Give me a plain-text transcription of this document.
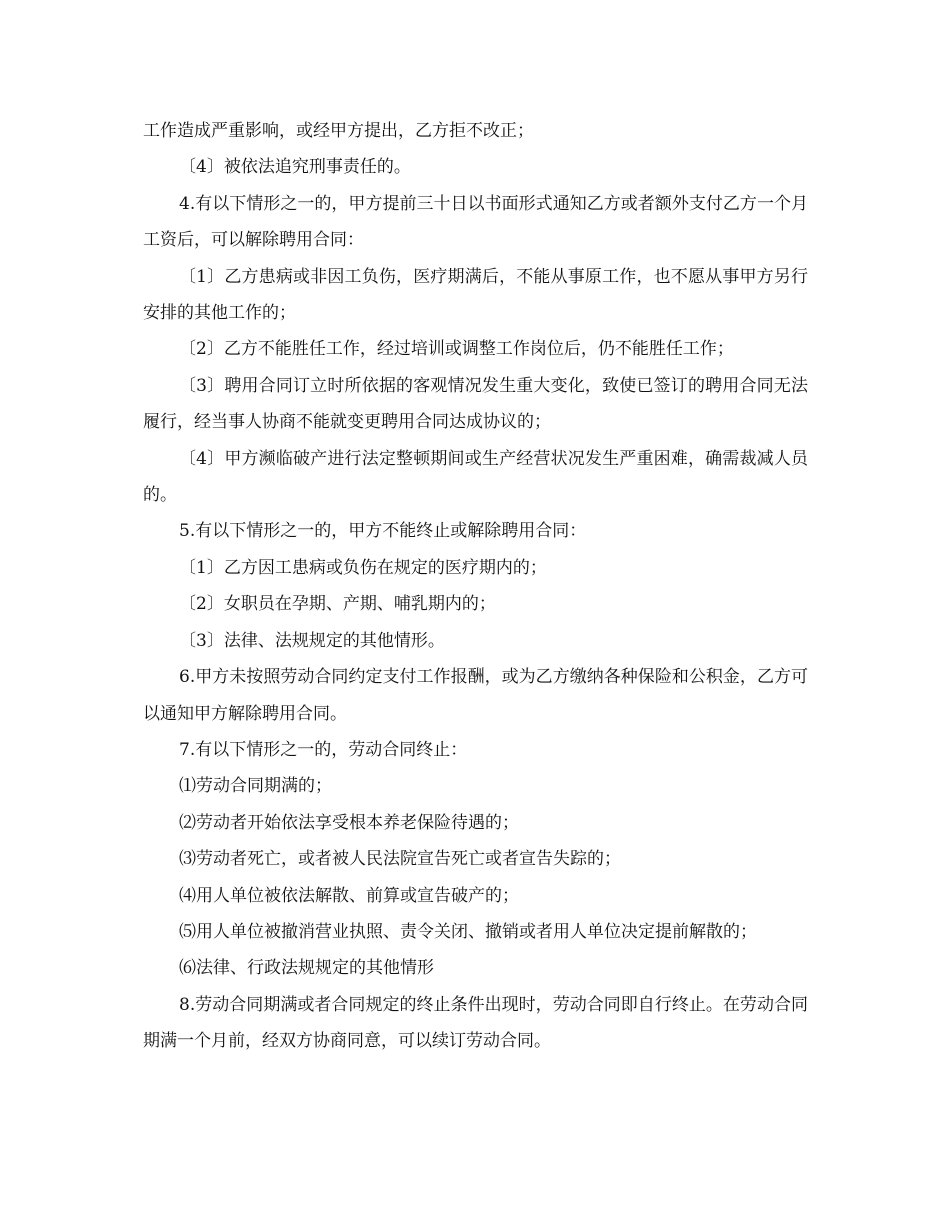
工作造成严重影响，或经甲方提出，乙方拒不改正；

〔4〕被依法追究刑事责任的。

4.有以下情形之一的，甲方提前三十日以书面形式通知乙方或者额外支付乙方一个月工资后，可以解除聘用合同：

〔1〕乙方患病或非因工负伤，医疗期满后，不能从事原工作，也不愿从事甲方另行安排的其他工作的；

〔2〕乙方不能胜任工作，经过培训或调整工作岗位后，仍不能胜任工作；

〔3〕聘用合同订立时所依据的客观情况发生重大变化，致使已签订的聘用合同无法履行，经当事人协商不能就变更聘用合同达成协议的；

〔4〕甲方濒临破产进行法定整顿期间或生产经营状况发生严重困难，确需裁减人员的。

5.有以下情形之一的，甲方不能终止或解除聘用合同：

〔1〕乙方因工患病或负伤在规定的医疗期内的；

〔2〕女职员在孕期、产期、哺乳期内的；

〔3〕法律、法规规定的其他情形。

6.甲方未按照劳动合同约定支付工作报酬，或为乙方缴纳各种保险和公积金，乙方可以通知甲方解除聘用合同。

7.有以下情形之一的，劳动合同终止：

⑴劳动合同期满的；

⑵劳动者开始依法享受根本养老保险待遇的；

⑶劳动者死亡，或者被人民法院宣告死亡或者宣告失踪的；

⑷用人单位被依法解散、前算或宣告破产的；

⑸用人单位被撤消营业执照、责令关闭、撤销或者用人单位决定提前解散的；

⑹法律、行政法规规定的其他情形

8.劳动合同期满或者合同规定的终止条件出现时，劳动合同即自行终止。在劳动合同期满一个月前，经双方协商同意，可以续订劳动合同。
